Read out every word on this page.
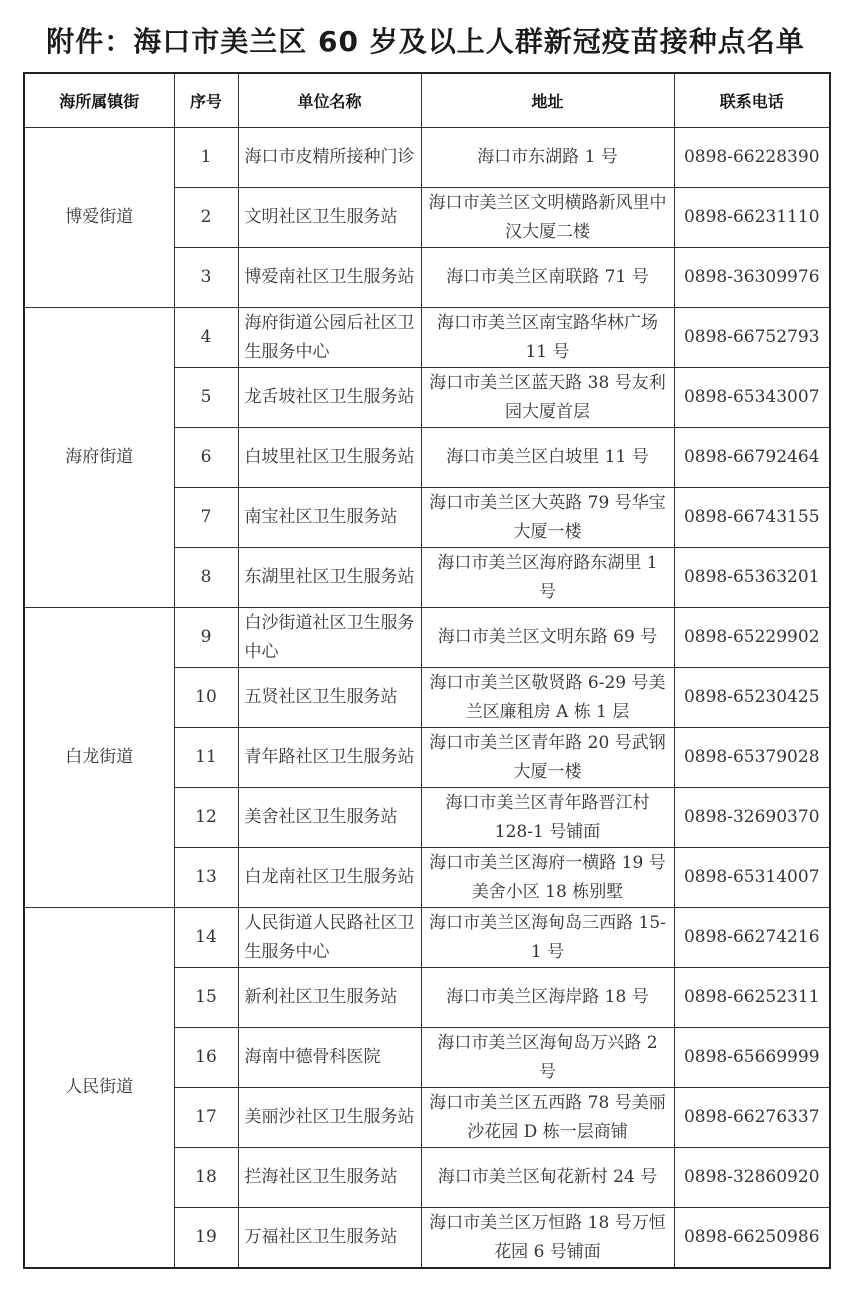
附件：海口市美兰区 60 岁及以上人群新冠疫苗接种点名单
海所属镇街	序号	单位名称	地址	联系电话
博爱街道	1	海口市皮精所接种门诊	海口市东湖路 1 号	0898-66228390
	2	文明社区卫生服务站	海口市美兰区文明横路新风里中汉大厦二楼	0898-66231110
	3	博爱南社区卫生服务站	海口市美兰区南联路 71 号	0898-36309976
海府街道	4	海府街道公园后社区卫生服务中心	海口市美兰区南宝路华林广场 11 号	0898-66752793
	5	龙舌坡社区卫生服务站	海口市美兰区蓝天路 38 号友利园大厦首层	0898-65343007
	6	白坡里社区卫生服务站	海口市美兰区白坡里 11 号	0898-66792464
	7	南宝社区卫生服务站	海口市美兰区大英路 79 号华宝大厦一楼	0898-66743155
	8	东湖里社区卫生服务站	海口市美兰区海府路东湖里 1 号	0898-65363201
白龙街道	9	白沙街道社区卫生服务中心	海口市美兰区文明东路 69 号	0898-65229902
	10	五贤社区卫生服务站	海口市美兰区敬贤路 6-29 号美兰区廉租房 A 栋 1 层	0898-65230425
	11	青年路社区卫生服务站	海口市美兰区青年路 20 号武钢大厦一楼	0898-65379028
	12	美舍社区卫生服务站	海口市美兰区青年路晋江村 128-1 号铺面	0898-32690370
	13	白龙南社区卫生服务站	海口市美兰区海府一横路 19 号美舍小区 18 栋别墅	0898-65314007
人民街道	14	人民街道人民路社区卫生服务中心	海口市美兰区海甸岛三西路 15-1 号	0898-66274216
	15	新利社区卫生服务站	海口市美兰区海岸路 18 号	0898-66252311
	16	海南中德骨科医院	海口市美兰区海甸岛万兴路 2 号	0898-65669999
	17	美丽沙社区卫生服务站	海口市美兰区五西路 78 号美丽沙花园 D 栋一层商铺	0898-66276337
	18	拦海社区卫生服务站	海口市美兰区甸花新村 24 号	0898-32860920
	19	万福社区卫生服务站	海口市美兰区万恒路 18 号万恒花园 6 号铺面	0898-66250986
